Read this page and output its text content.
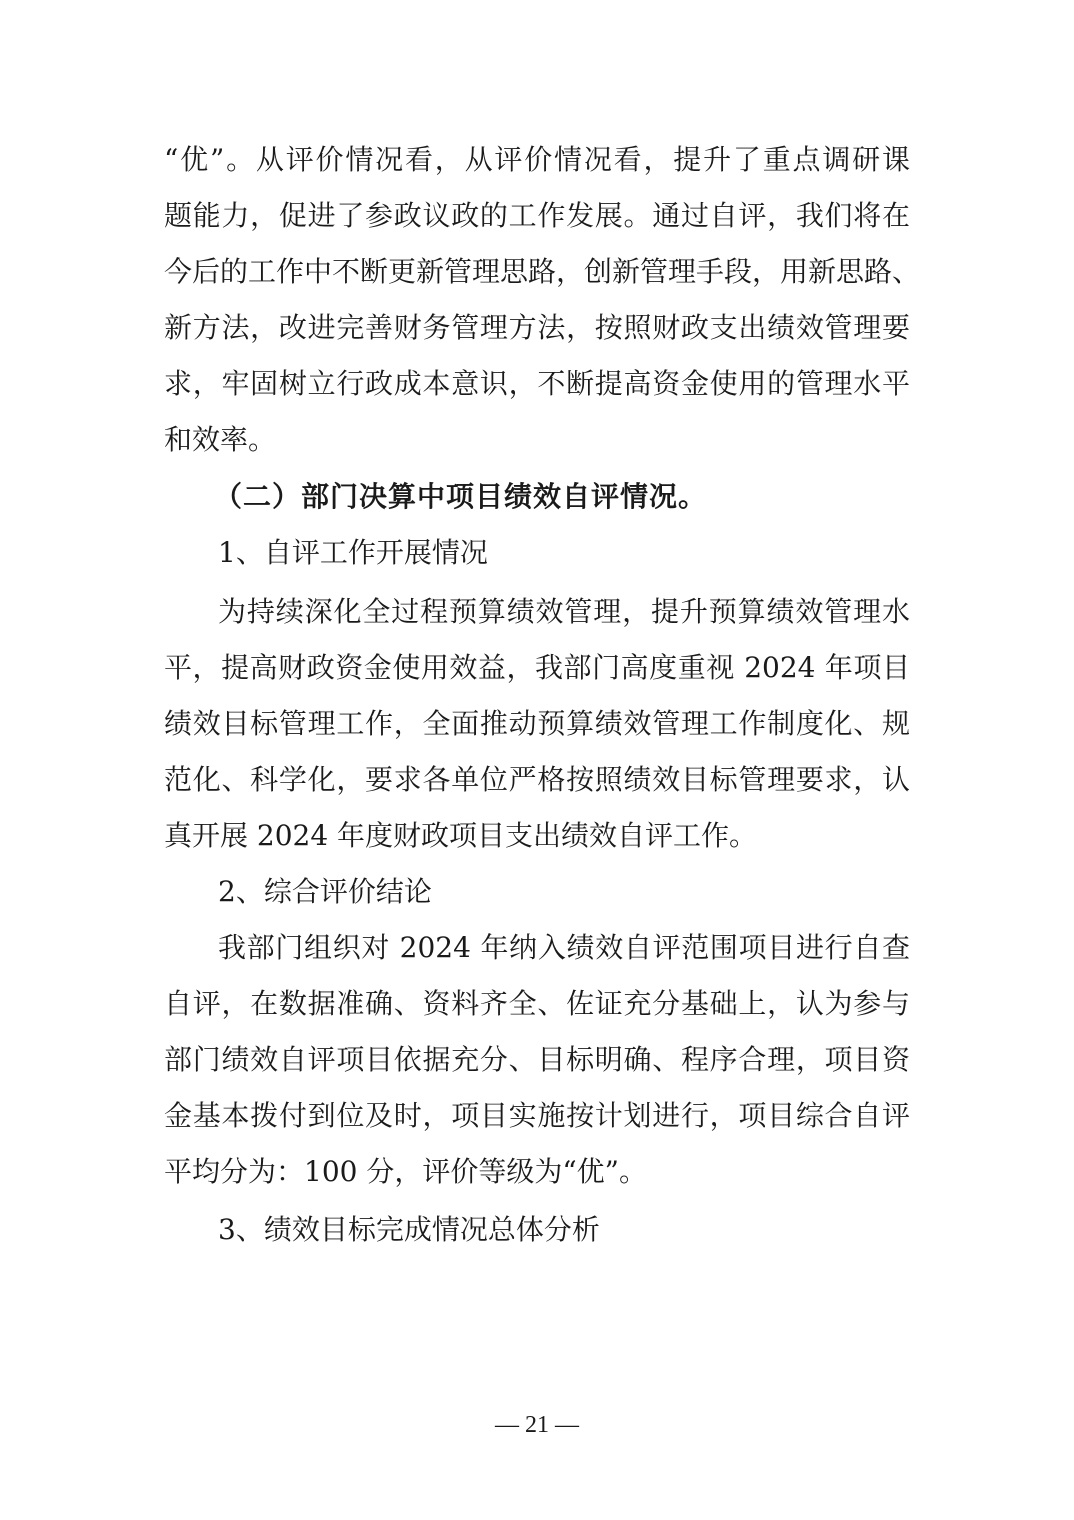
“优”。从评价情况看，从评价情况看，提升了重点调研课
题能力，促进了参政议政的工作发展。通过自评，我们将在
今后的工作中不断更新管理思路，创新管理手段，用新思路、
新方法，改进完善财务管理方法，按照财政支出绩效管理要
求，牢固树立行政成本意识，不断提高资金使用的管理水平
和效率。
（二）部门决算中项目绩效自评情况。
1、自评工作开展情况
为持续深化全过程预算绩效管理，提升预算绩效管理水
平，提高财政资金使用效益，我部门高度重视 2024 年项目
绩效目标管理工作，全面推动预算绩效管理工作制度化、规
范化、科学化，要求各单位严格按照绩效目标管理要求，认
真开展 2024 年度财政项目支出绩效自评工作。
2、综合评价结论
我部门组织对 2024 年纳入绩效自评范围项目进行自查
自评，在数据准确、资料齐全、佐证充分基础上，认为参与
部门绩效自评项目依据充分、目标明确、程序合理，项目资
金基本拨付到位及时，项目实施按计划进行，项目综合自评
平均分为：100 分，评价等级为“优”。
3、绩效目标完成情况总体分析
— 21 —
